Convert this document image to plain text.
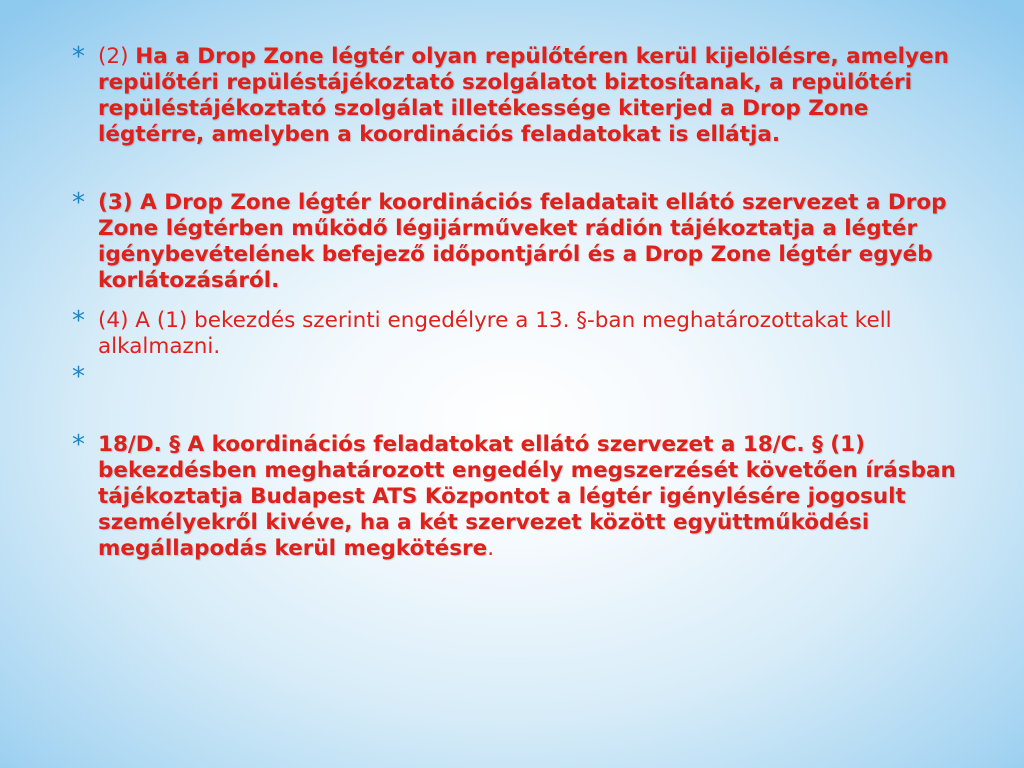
* (2) Ha a Drop Zone légtér olyan repülőtéren kerül kijelölésre, amelyen repülőtéri repüléstájékoztató szolgálatot biztosítanak, a repülőtéri repüléstájékoztató szolgálat illetékessége kiterjed a Drop Zone légtérre, amelyben a koordinációs feladatokat is ellátja.
* (3) A Drop Zone légtér koordinációs feladatait ellátó szervezet a Drop Zone légtérben működő légijárműveket rádión tájékoztatja a légtér igénybevételének befejező időpontjáról és a Drop Zone légtér egyéb korlátozásáról.
* (4) A (1) bekezdés szerinti engedélyre a 13. §-ban meghatározottakat kell alkalmazni.
*
* 18/D. § A koordinációs feladatokat ellátó szervezet a 18/C. § (1) bekezdésben meghatározott engedély megszerzését követően írásban tájékoztatja Budapest ATS Központot a légtér igénylésére jogosult személyekről kivéve, ha a két szervezet között együttműködési megállapodás kerül megkötésre.
